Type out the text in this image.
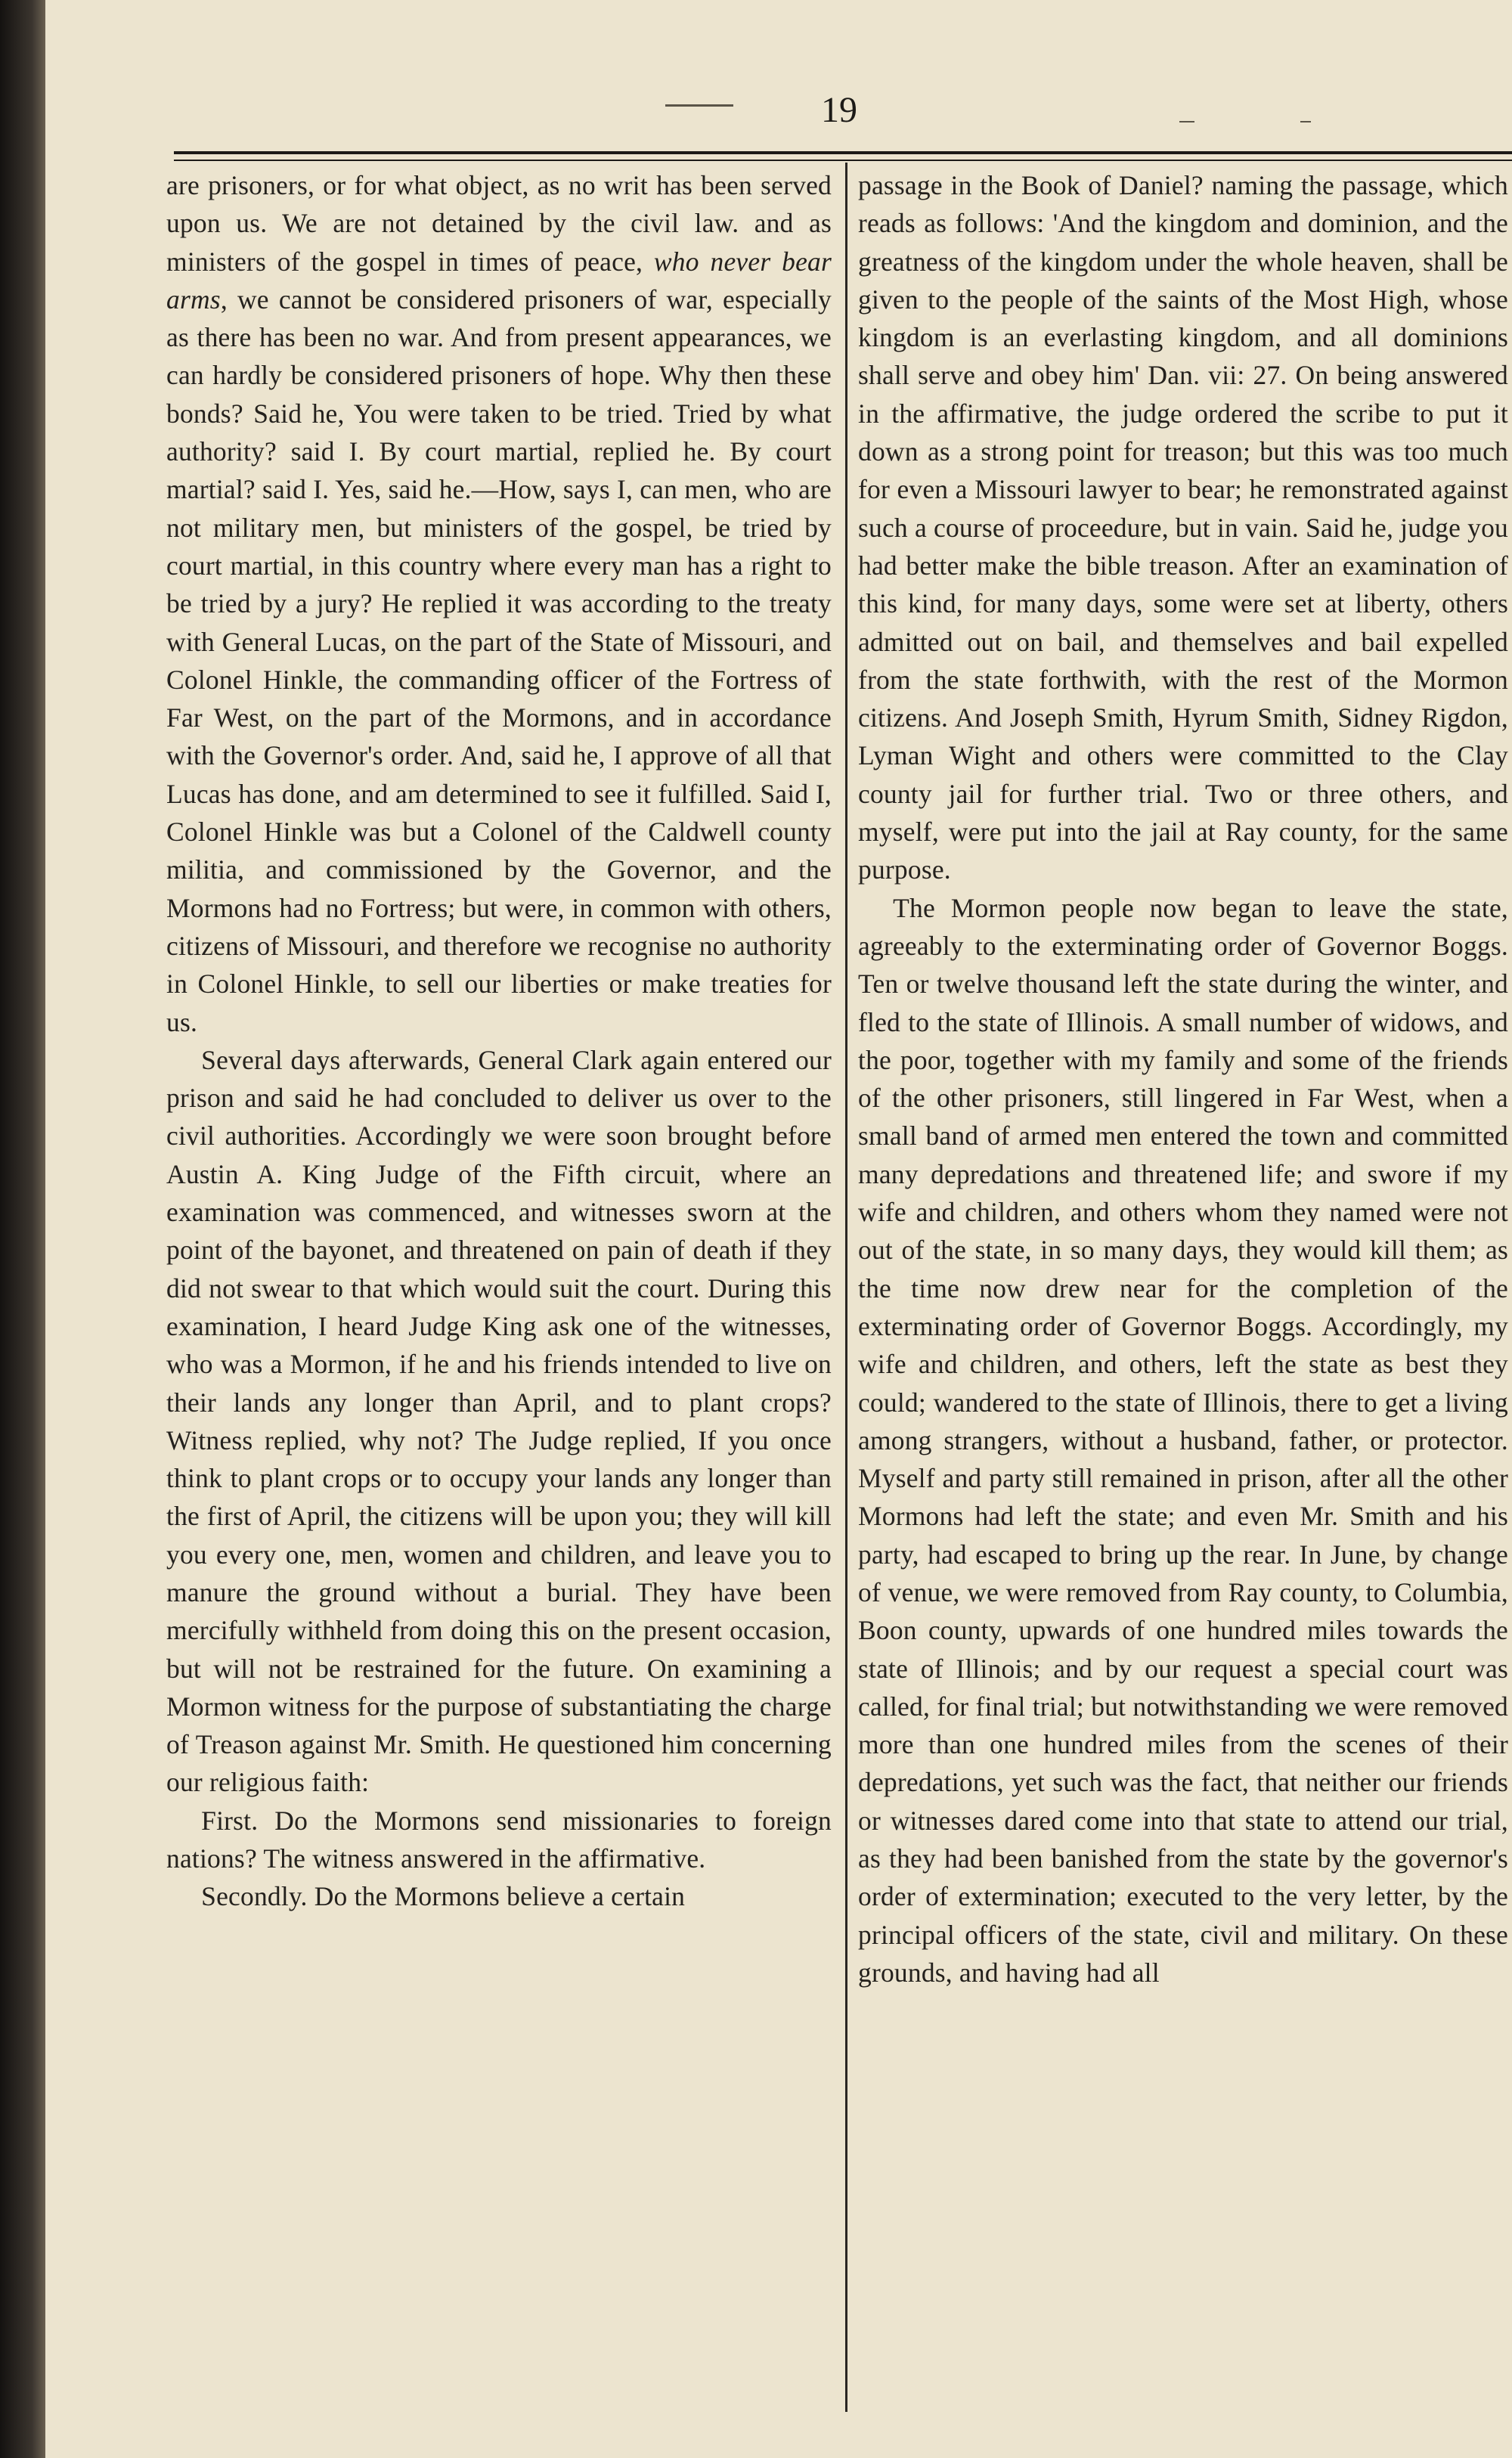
19

are prisoners, or for what object, as no writ has been served upon us. We are not detained by the civil law. and as ministers of the gospel in times of peace, who never bear arms, we cannot be considered prisoners of war, especially as there has been no war. And from present appearances, we can hardly be considered prisoners of hope. Why then these bonds? Said he, You were taken to be tried. Tried by what authority? said I. By court martial, replied he. By court martial? said I. Yes, said he.—How, says I, can men, who are not military men, but ministers of the gospel, be tried by court martial, in this country where every man has a right to be tried by a jury? He replied it was according to the treaty with General Lucas, on the part of the State of Missouri, and Colonel Hinkle, the commanding officer of the Fortress of Far West, on the part of the Mormons, and in accordance with the Governor's order. And, said he, I approve of all that Lucas has done, and am determined to see it fulfilled. Said I, Colonel Hinkle was but a Colonel of the Caldwell county militia, and commissioned by the Governor, and the Mormons had no Fortress; but were, in common with others, citizens of Missouri, and therefore we recognise no authority in Colonel Hinkle, to sell our liberties or make treaties for us.

Several days afterwards, General Clark again entered our prison and said he had concluded to deliver us over to the civil authorities. Accordingly we were soon brought before Austin A. King Judge of the Fifth circuit, where an examination was commenced, and witnesses sworn at the point of the bayonet, and threatened on pain of death if they did not swear to that which would suit the court. During this examination, I heard Judge King ask one of the witnesses, who was a Mormon, if he and his friends intended to live on their lands any longer than April, and to plant crops? Witness replied, why not? The Judge replied, If you once think to plant crops or to occupy your lands any longer than the first of April, the citizens will be upon you; they will kill you every one, men, women and children, and leave you to manure the ground without a burial. They have been mercifully withheld from doing this on the present occasion, but will not be restrained for the future. On examining a Mormon witness for the purpose of substantiating the charge of Treason against Mr. Smith. He questioned him concerning our religious faith:

First. Do the Mormons send missionaries to foreign nations? The witness answered in the affirmative.

Secondly. Do the Mormons believe a certain

passage in the Book of Daniel? naming the passage, which reads as follows: 'And the kingdom and dominion, and the greatness of the kingdom under the whole heaven, shall be given to the people of the saints of the Most High, whose kingdom is an everlasting kingdom, and all dominions shall serve and obey him' Dan. vii: 27. On being answered in the affirmative, the judge ordered the scribe to put it down as a strong point for treason; but this was too much for even a Missouri lawyer to bear; he remonstrated against such a course of proceedure, but in vain. Said he, judge you had better make the bible treason. After an examination of this kind, for many days, some were set at liberty, others admitted out on bail, and themselves and bail expelled from the state forthwith, with the rest of the Mormon citizens. And Joseph Smith, Hyrum Smith, Sidney Rigdon, Lyman Wight and others were committed to the Clay county jail for further trial. Two or three others, and myself, were put into the jail at Ray county, for the same purpose.

The Mormon people now began to leave the state, agreeably to the exterminating order of Governor Boggs. Ten or twelve thousand left the state during the winter, and fled to the state of Illinois. A small number of widows, and the poor, together with my family and some of the friends of the other prisoners, still lingered in Far West, when a small band of armed men entered the town and committed many depredations and threatened life; and swore if my wife and children, and others whom they named were not out of the state, in so many days, they would kill them; as the time now drew near for the completion of the exterminating order of Governor Boggs. Accordingly, my wife and children, and others, left the state as best they could; wandered to the state of Illinois, there to get a living among strangers, without a husband, father, or protector. Myself and party still remained in prison, after all the other Mormons had left the state; and even Mr. Smith and his party, had escaped to bring up the rear. In June, by change of venue, we were removed from Ray county, to Columbia, Boon county, upwards of one hundred miles towards the state of Illinois; and by our request a special court was called, for final trial; but notwithstanding we were removed more than one hundred miles from the scenes of their depredations, yet such was the fact, that neither our friends or witnesses dared come into that state to attend our trial, as they had been banished from the state by the governor's order of extermination; executed to the very letter, by the principal officers of the state, civil and military. On these grounds, and having had all
